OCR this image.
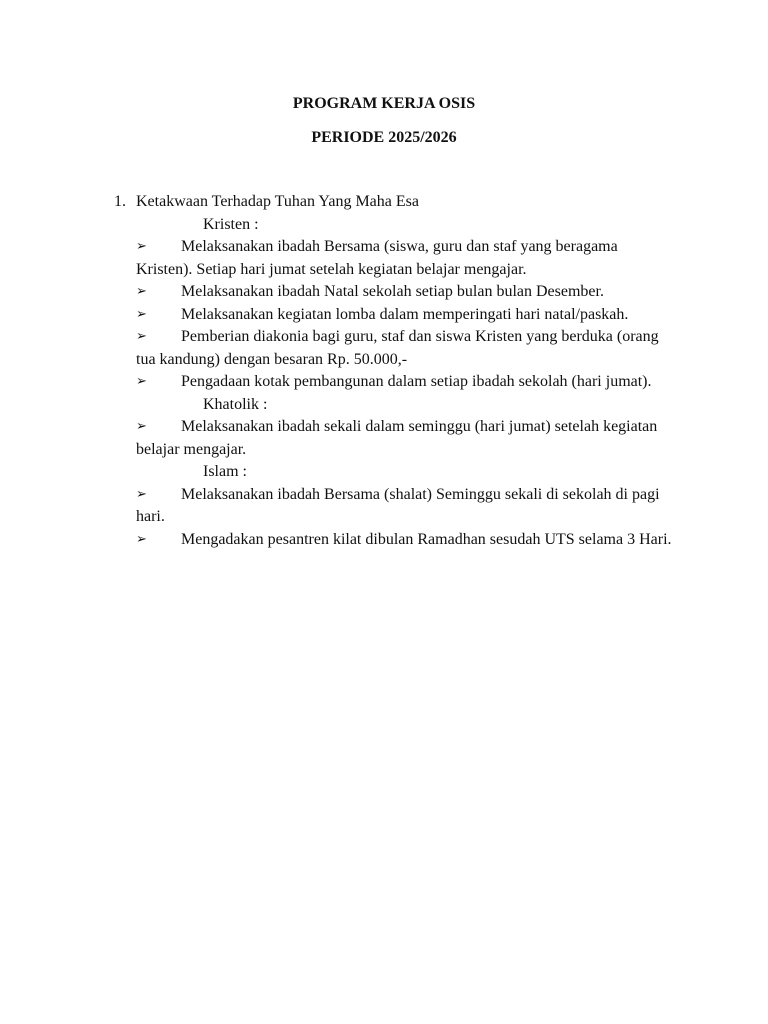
PROGRAM KERJA OSIS
PERIODE 2025/2026
1. Ketakwaan Terhadap Tuhan Yang Maha Esa
Kristen :
➢ Melaksanakan ibadah Bersama (siswa, guru dan staf yang beragama Kristen). Setiap hari jumat setelah kegiatan belajar mengajar.
➢ Melaksanakan ibadah Natal sekolah setiap bulan bulan Desember.
➢ Melaksanakan kegiatan lomba dalam memperingati hari natal/paskah.
➢ Pemberian diakonia bagi guru, staf dan siswa Kristen yang berduka (orang tua kandung) dengan besaran Rp. 50.000,-
➢ Pengadaan kotak pembangunan dalam setiap ibadah sekolah (hari jumat).
Khatolik :
➢ Melaksanakan ibadah sekali dalam seminggu (hari jumat) setelah kegiatan belajar mengajar.
Islam :
➢ Melaksanakan ibadah Bersama (shalat) Seminggu sekali di sekolah di pagi hari.
➢ Mengadakan pesantren kilat dibulan Ramadhan sesudah UTS selama 3 Hari.
